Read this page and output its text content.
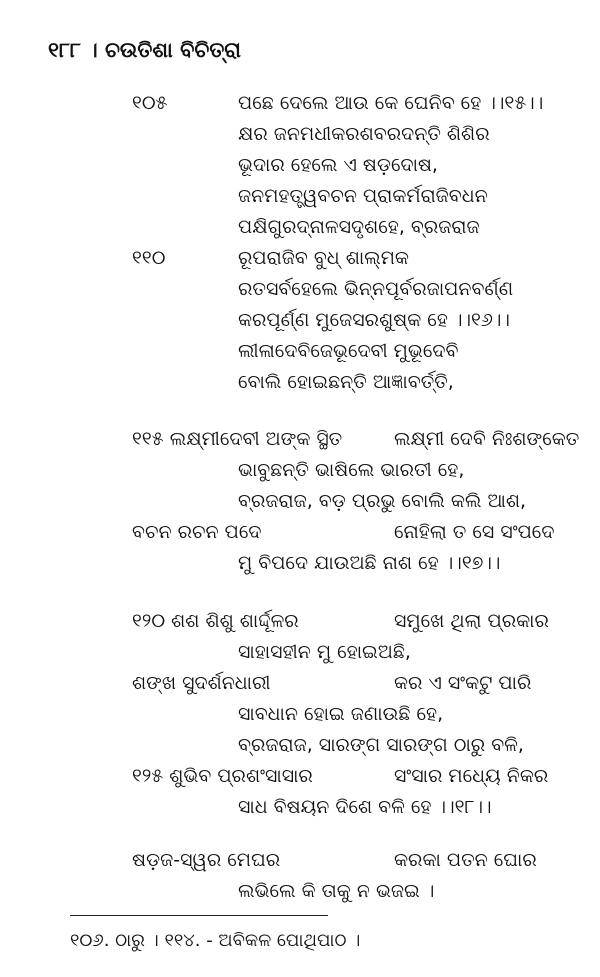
୧୮୮ । ଚଉତିଶା ବିଚିତ୍ରା
୧୦୫	ପଛେ ଦେଲେ ଆଉ କେ ଘେନିବ ହେ ।।୧୫।।
କ୍ଷର ଜନମଧୀକରଶବରଦନ୍ତି ଶିଶିର
ଭୂଦାର ହେଲେ ଏ ଷଡ଼ଦୋଷ,
ଜନମହତ୍ତ୍ୱବଚନ ପ୍ରାକର୍ମରାଜିବଧନ
ପକ୍ଷିଗୁରଦ୍‌ନାଳସଦୃଶହେ, ବ୍ରଜରାଜ
୧୧୦	ରୂପରାଜିବ ବୁଧ୍ ଶାଲ୍ମକ
ରତସର୍ବହେଲେ ଭିନ୍ନପୂର୍ବରଜାପନବର୍ଣ୍ଣ
କରପୂର୍ଣ୍ଣ ମୁଜେସରଶୁଷ୍କ ହେ ।।୧୬।।
ଲୀଳାଦେବିଜେଭୂଦେବୀ ମୁଭୂଦେବି
ବୋଲି ହୋଇଛନ୍ତି ଆଜ୍ଞାବର୍ତ୍ତି,
୧୧୫ ଲକ୍ଷ୍ମୀଦେବୀ ଅଙ୍କ ସ୍ଥିତ	ଲକ୍ଷ୍ମୀ ଦେବି ନିଃଶଙ୍କେତ
ଭାବୁଛନ୍ତି ଭାଷିଲେ ଭାରତୀ ହେ,
ବ୍ରଜରାଜ, ବଡ଼ ପ୍ରଭୁ ବୋଲି କଲି ଆଶ,
ବଚନ ରଚନ ପଦେ	ନୋହିଲା ତ ସେ ସଂପଦେ
ମୁ ବିପଦେ ଯାଉଅଛି ନାଶ ହେ ।।୧୭।।
୧୨୦ ଶଶ ଶିଶୁ ଶାର୍ଦ୍ଦୂଳର	ସମୁଖେ ଥିଲା ପ୍ରକାର
ସାହାସହୀନ ମୁ ହୋଇଅଛି,
ଶଙ୍ଖ ସୁଦର୍ଶନଧାରୀ	କର ଏ ସଂକଟୁ ପାରି
ସାବଧାନ ହୋଇ ଜଣାଉଛି ହେ,
ବ୍ରଜରାଜ, ସାରଙ୍ଗ ସାରଙ୍ଗ ଠାରୁ ବଳି,
୧୨୫ ଶୁଭିବ ପ୍ରଶଂସାସାର	ସଂସାର ମଧ୍ୟେ ନିକର
ସାଧ ବିଷୟନ ଦିଶେ ବଳି ହେ ।।୧୮।।
ଷଡ଼ଜ-ସ୍ୱର ମେଘର	କରକା ପତନ ଘୋର
ଲଭିଲେ କି ତାକୁ ନ ଭଜଇ ।
୧୦୬. ଠାରୁ । ୧୧୪. - ଅବିକଳ ପୋଥିପାଠ ।
